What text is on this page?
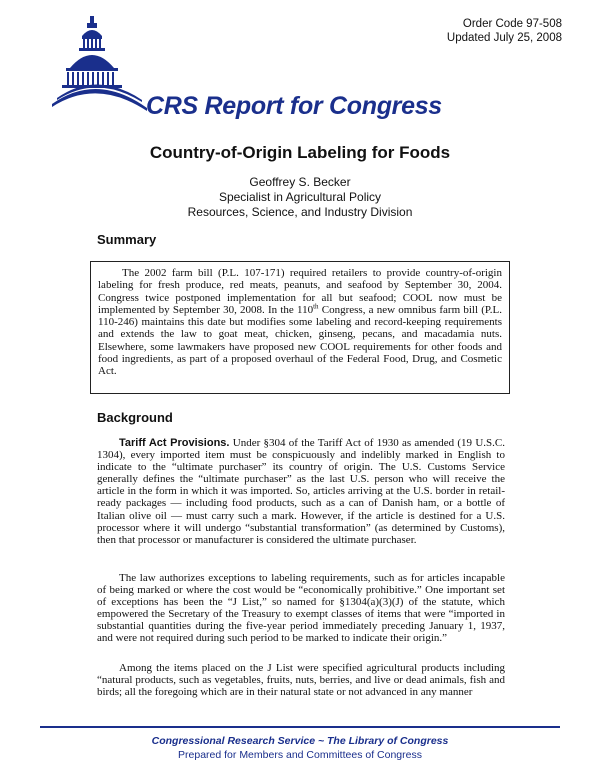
Order Code 97-508
Updated July 25, 2008
CRS Report for Congress
Country-of-Origin Labeling for Foods
Geoffrey S. Becker
Specialist in Agricultural Policy
Resources, Science, and Industry Division
Summary

The 2002 farm bill (P.L. 107-171) required retailers to provide country-of-origin labeling for fresh produce, red meats, peanuts, and seafood by September 30, 2004. Congress twice postponed implementation for all but seafood; COOL now must be implemented by September 30, 2008. In the 110th Congress, a new omnibus farm bill (P.L. 110-246) maintains this date but modifies some labeling and record-keeping requirements and extends the law to goat meat, chicken, ginseng, pecans, and macadamia nuts. Elsewhere, some lawmakers have proposed new COOL requirements for other foods and food ingredients, as part of a proposed overhaul of the Federal Food, Drug, and Cosmetic Act.

Background

Tariff Act Provisions. Under §304 of the Tariff Act of 1930 as amended (19 U.S.C. 1304), every imported item must be conspicuously and indelibly marked in English to indicate to the “ultimate purchaser” its country of origin. The U.S. Customs Service generally defines the “ultimate purchaser” as the last U.S. person who will receive the article in the form in which it was imported. So, articles arriving at the U.S. border in retail-ready packages — including food products, such as a can of Danish ham, or a bottle of Italian olive oil — must carry such a mark. However, if the article is destined for a U.S. processor where it will undergo “substantial transformation” (as determined by Customs), then that processor or manufacturer is considered the ultimate purchaser.

The law authorizes exceptions to labeling requirements, such as for articles incapable of being marked or where the cost would be “economically prohibitive.” One important set of exceptions has been the “J List,” so named for §1304(a)(3)(J) of the statute, which empowered the Secretary of the Treasury to exempt classes of items that were “imported in substantial quantities during the five-year period immediately preceding January 1, 1937, and were not required during such period to be marked to indicate their origin.”

Among the items placed on the J List were specified agricultural products including “natural products, such as vegetables, fruits, nuts, berries, and live or dead animals, fish and birds; all the foregoing which are in their natural state or not advanced in any manner

Congressional Research Service ~ The Library of Congress
Prepared for Members and Committees of Congress
